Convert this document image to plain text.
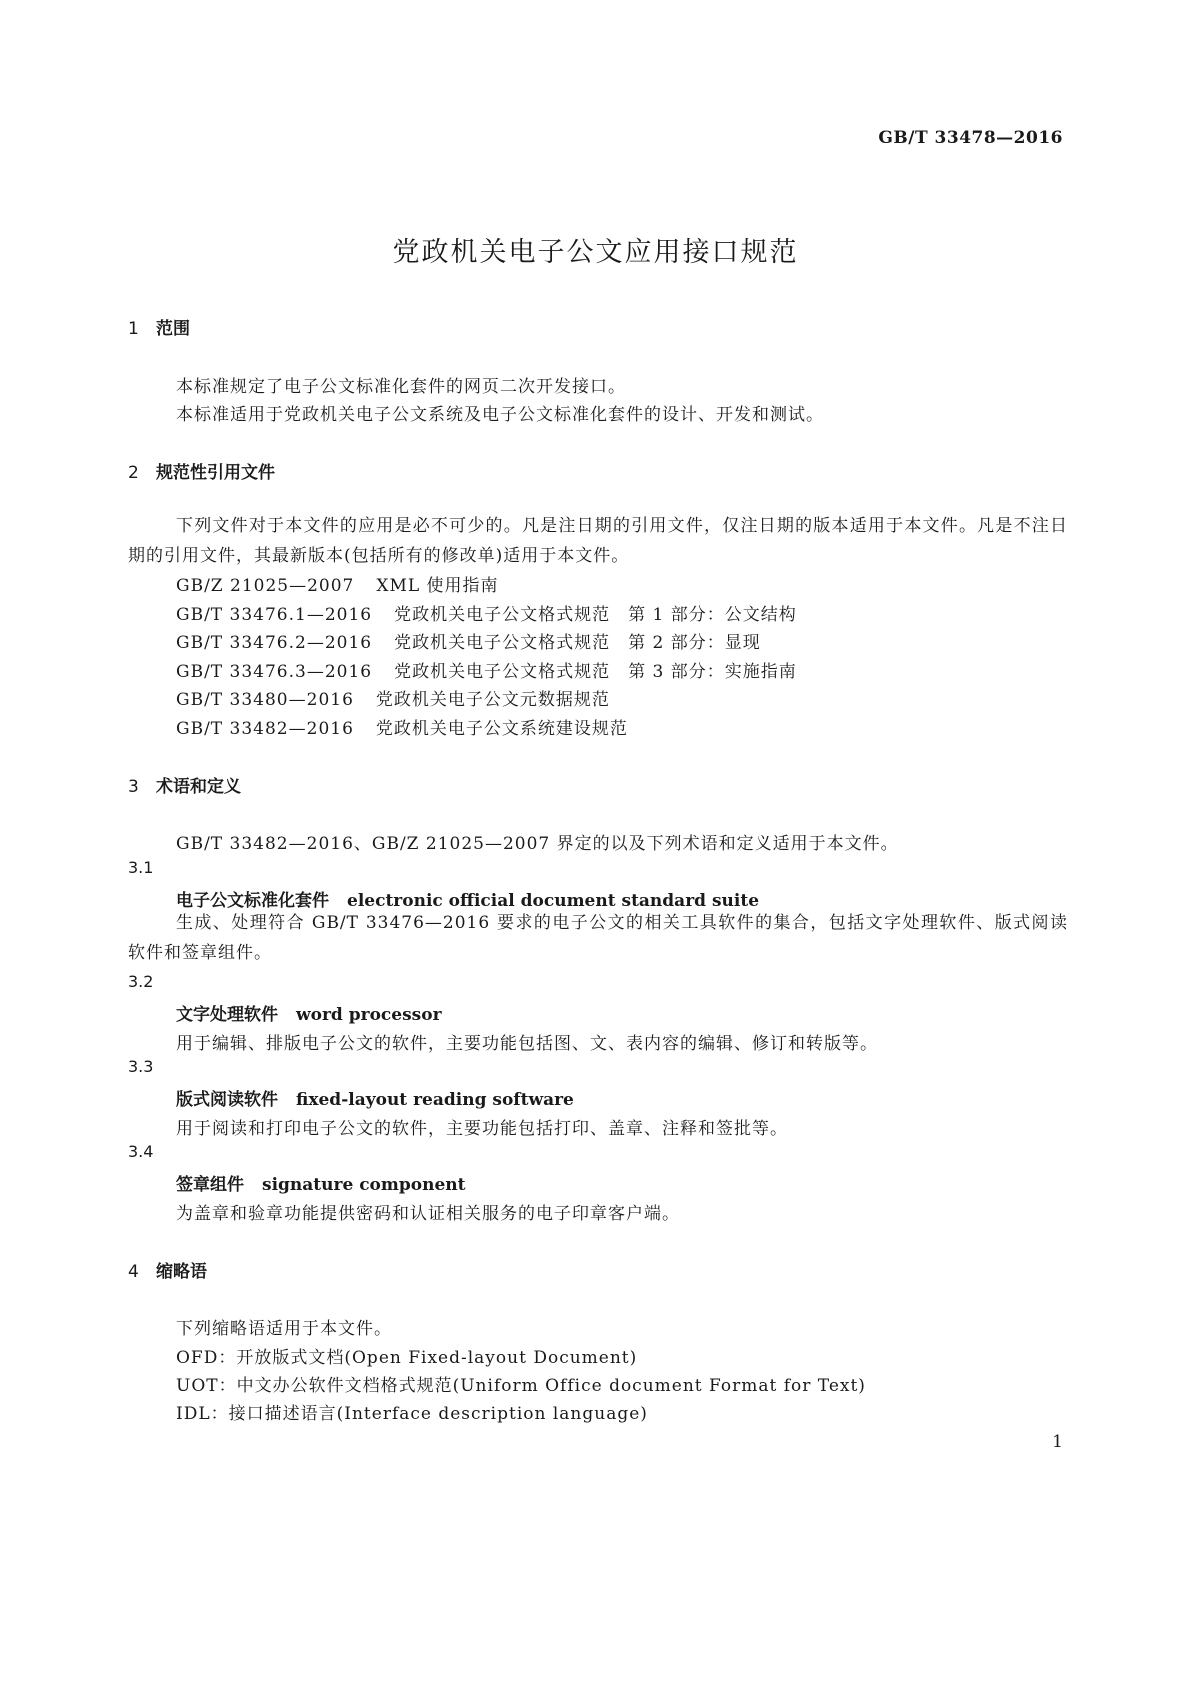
GB/T 33478—2016
党政机关电子公文应用接口规范
1 范围
本标准规定了电子公文标准化套件的网页二次开发接口。
本标准适用于党政机关电子公文系统及电子公文标准化套件的设计、开发和测试。
2 规范性引用文件
下列文件对于本文件的应用是必不可少的。凡是注日期的引用文件，仅注日期的版本适用于本文件。凡是不注日期的引用文件，其最新版本(包括所有的修改单)适用于本文件。
GB/Z 21025—2007 XML 使用指南
GB/T 33476.1—2016 党政机关电子公文格式规范　第 1 部分：公文结构
GB/T 33476.2—2016 党政机关电子公文格式规范　第 2 部分：显现
GB/T 33476.3—2016 党政机关电子公文格式规范　第 3 部分：实施指南
GB/T 33480—2016 党政机关电子公文元数据规范
GB/T 33482—2016 党政机关电子公文系统建设规范
3 术语和定义
GB/T 33482—2016、GB/Z 21025—2007 界定的以及下列术语和定义适用于本文件。
3.1
电子公文标准化套件 electronic official document standard suite
生成、处理符合 GB/T 33476—2016 要求的电子公文的相关工具软件的集合，包括文字处理软件、版式阅读软件和签章组件。
3.2
文字处理软件 word processor
用于编辑、排版电子公文的软件，主要功能包括图、文、表内容的编辑、修订和转版等。
3.3
版式阅读软件 fixed-layout reading software
用于阅读和打印电子公文的软件，主要功能包括打印、盖章、注释和签批等。
3.4
签章组件 signature component
为盖章和验章功能提供密码和认证相关服务的电子印章客户端。
4 缩略语
下列缩略语适用于本文件。
OFD：开放版式文档(Open Fixed-layout Document)
UOT：中文办公软件文档格式规范(Uniform Office document Format for Text)
IDL：接口描述语言(Interface description language)
1
